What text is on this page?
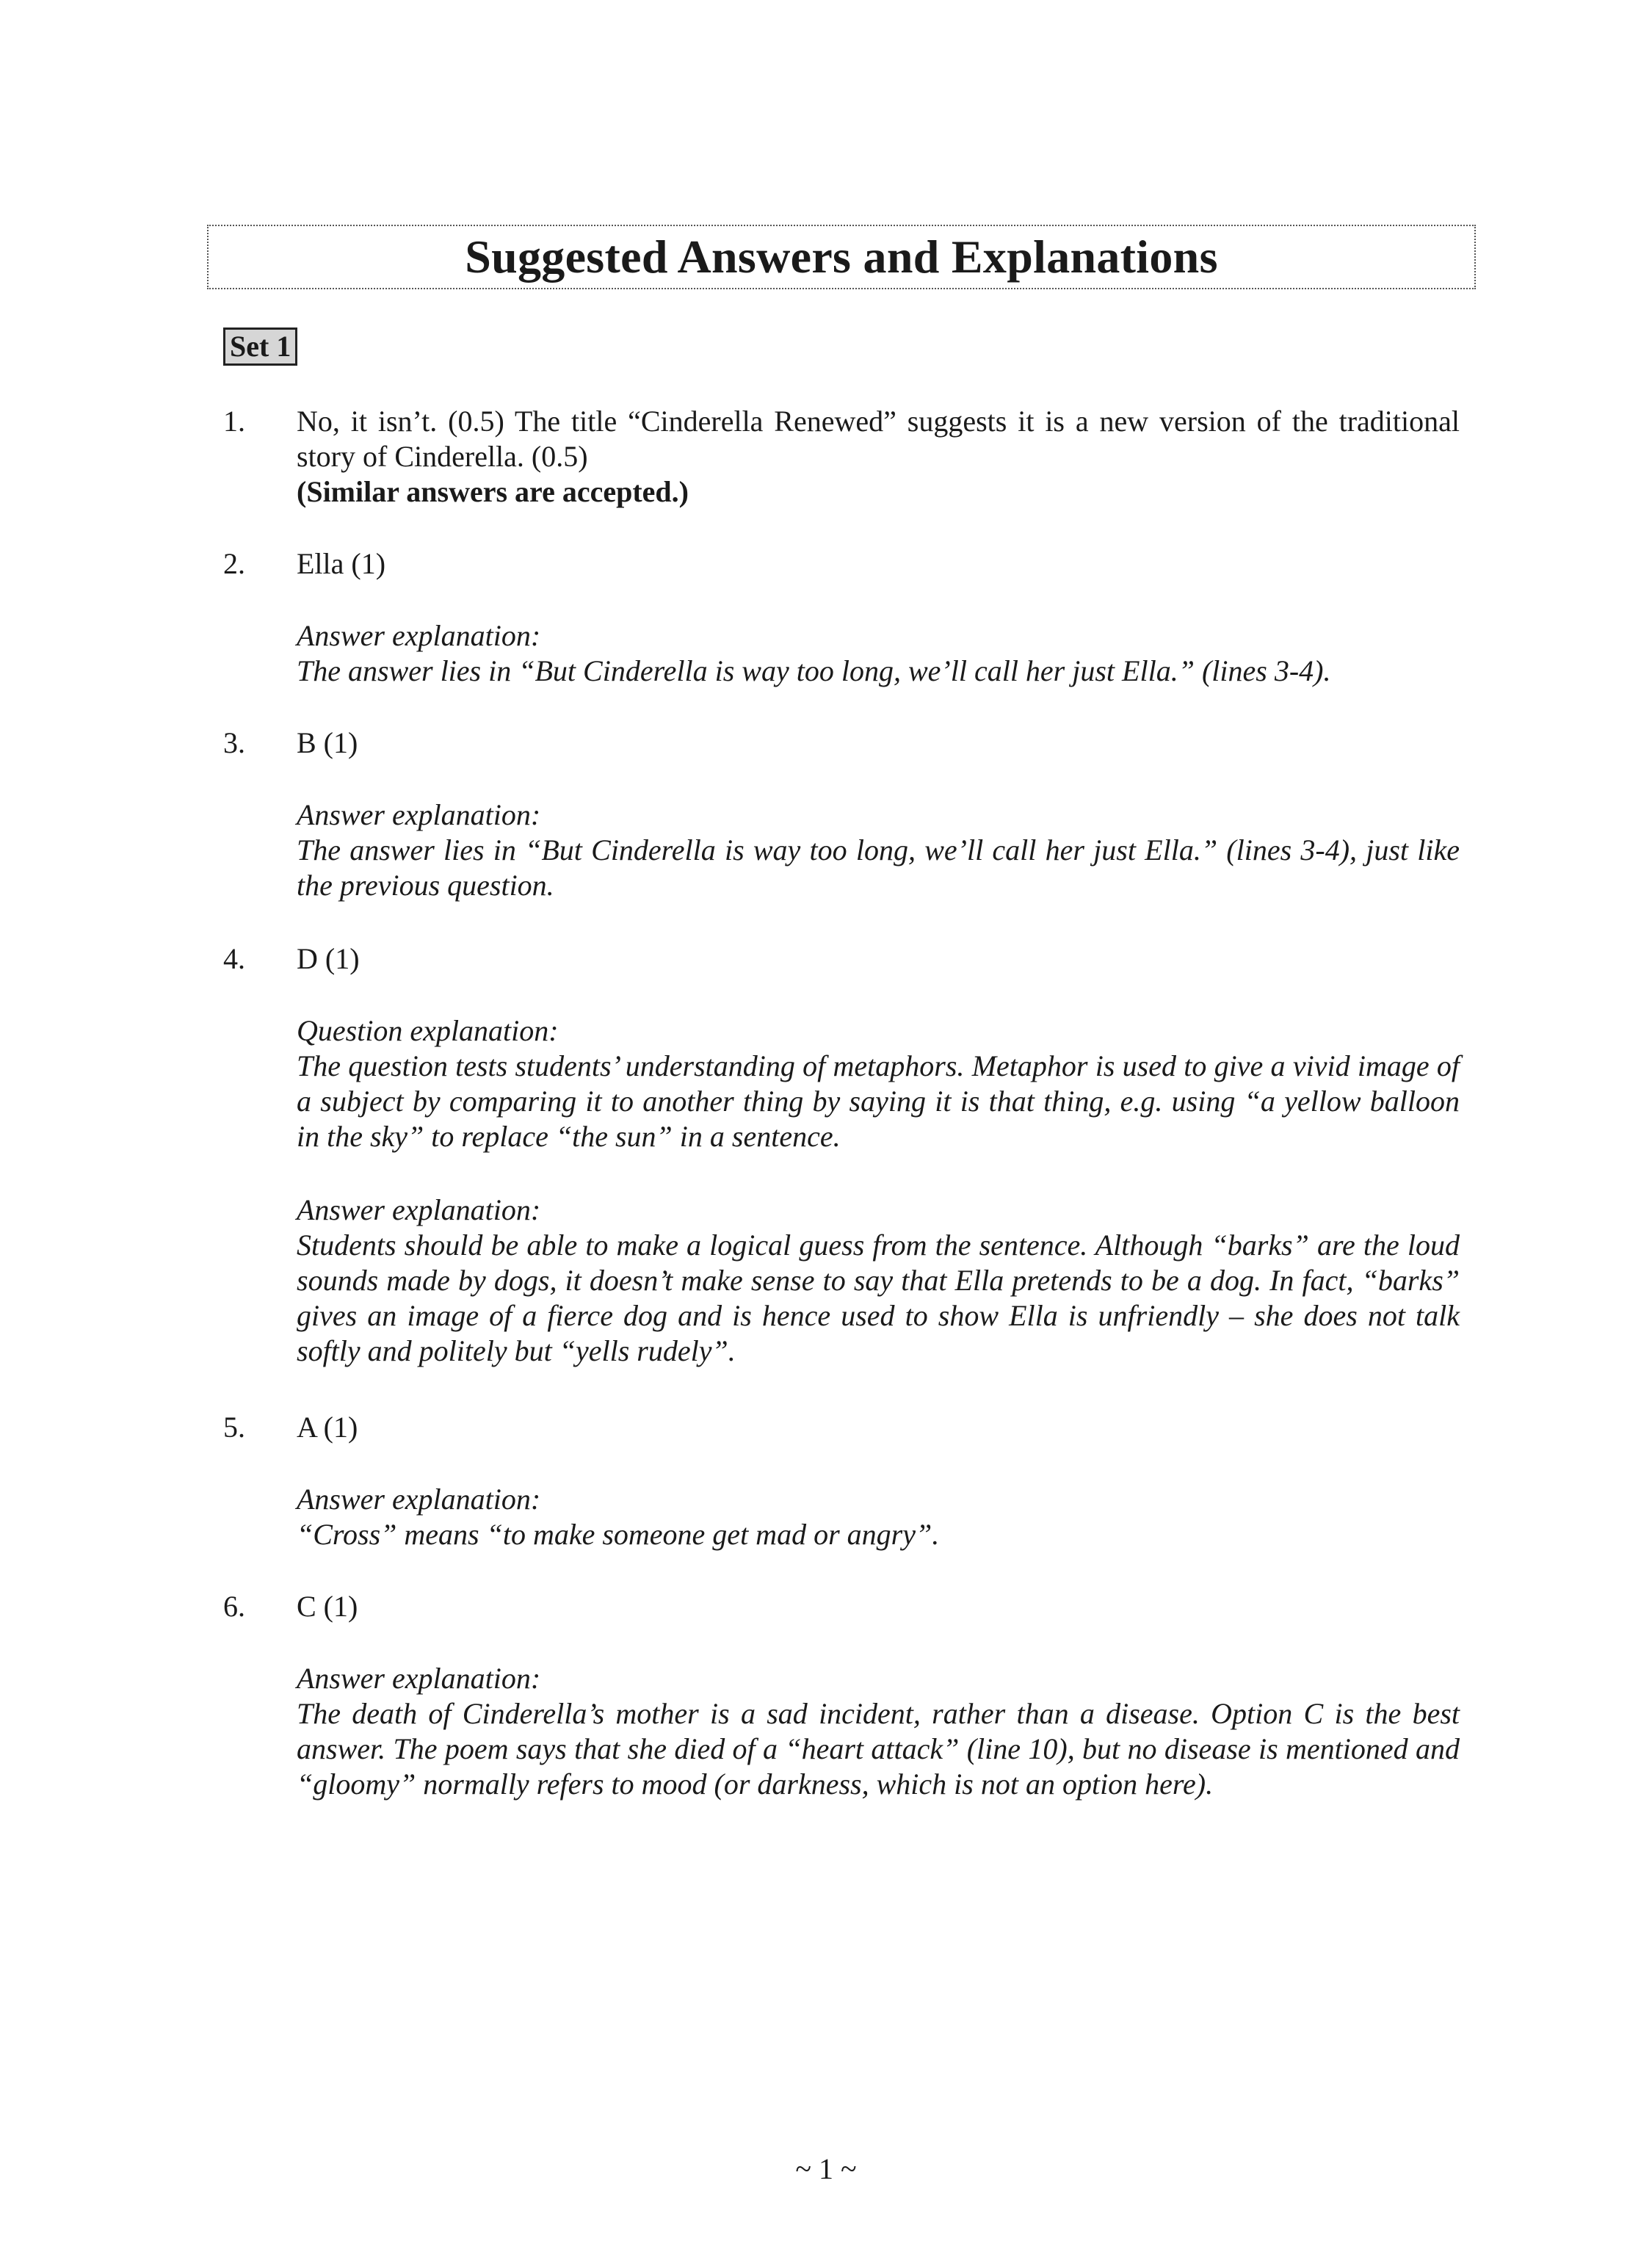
Suggested Answers and Explanations
Set 1
1. No, it isn’t. (0.5) The title “Cinderella Renewed” suggests it is a new version of the traditional story of Cinderella. (0.5)

(Similar answers are accepted.)

2. Ella (1)

Answer explanation:

The answer lies in “But Cinderella is way too long, we’ll call her just Ella.” (lines 3-4).

3. B (1)

Answer explanation:

The answer lies in “But Cinderella is way too long, we’ll call her just Ella.” (lines 3-4), just like the previous question.

4. D (1)

Question explanation:

The question tests students’ understanding of metaphors. Metaphor is used to give a vivid image of a subject by comparing it to another thing by saying it is that thing, e.g. using “a yellow balloon in the sky” to replace “the sun” in a sentence.

Answer explanation:

Students should be able to make a logical guess from the sentence. Although “barks” are the loud sounds made by dogs, it doesn’t make sense to say that Ella pretends to be a dog. In fact, “barks” gives an image of a fierce dog and is hence used to show Ella is unfriendly – she does not talk softly and politely but “yells rudely”.

5. A (1)

Answer explanation:

“Cross” means “to make someone get mad or angry”.

6. C (1)

Answer explanation:

The death of Cinderella’s mother is a sad incident, rather than a disease. Option C is the best answer. The poem says that she died of a “heart attack” (line 10), but no disease is mentioned and “gloomy” normally refers to mood (or darkness, which is not an option here).

~ 1 ~
